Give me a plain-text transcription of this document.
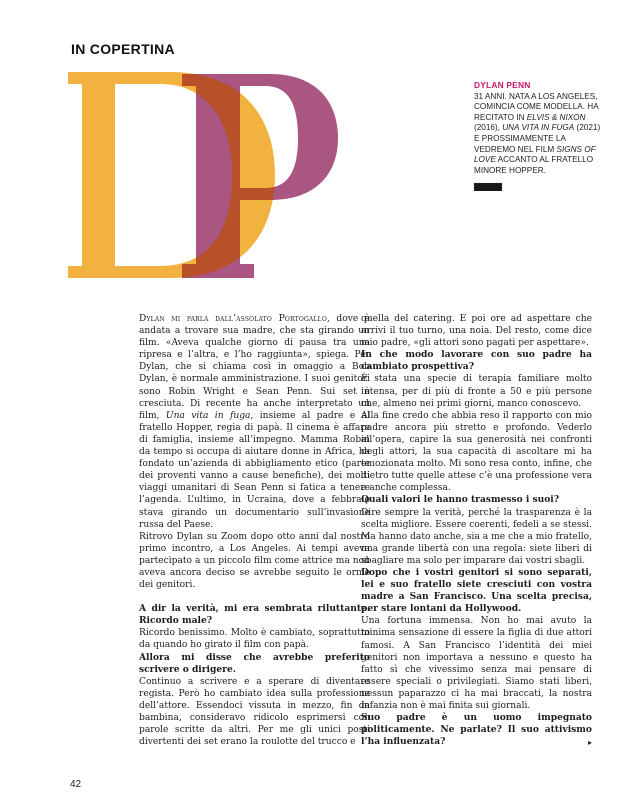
IN COPERTINA
DYLAN PENN

31 ANNI. NATA A LOS ANGELES, COMINCIA COME MODELLA. HA RECITATO IN ELVIS & NIXON (2016), UNA VITA IN FUGA (2021) E PROSSIMAMENTE LA VEDREMO NEL FILM SIGNS OF LOVE ACCANTO AL FRATELLO MINORE HOPPER.

Dylan mi parla dall’assolato Portogallo, dove è andata a trovare sua madre, che sta girando un film. «Aveva qualche giorno di pausa tra una ripresa e l’altra, e l’ho raggiunta», spiega. Per Dylan, che si chiama così in omaggio a Bob Dylan, è normale amministrazione. I suoi genitori sono Robin Wright e Sean Penn. Sui set è cresciuta. Di recente ha anche interpretato un film, Una vita in fuga, insieme al padre e al fratello Hopper, regia di papà. Il cinema è affare di famiglia, insieme all’impegno. Mamma Robin da tempo si occupa di aiutare donne in Africa, ha fondato un’azienda di abbigliamento etico (parte dei proventi vanno a cause benefiche), dei molti viaggi umanitari di Sean Penn si fatica a tenere l’agenda. L’ultimo, in Ucraina, dove a febbraio stava girando un documentario sull’invasione russa del Paese.

Ritrovo Dylan su Zoom dopo otto anni dal nostro primo incontro, a Los Angeles. Ai tempi aveva partecipato a un piccolo film come attrice ma non aveva ancora deciso se avrebbe seguito le orme dei genitori.

A dir la verità, mi era sembrata riluttante. Ricordo male?

Ricordo benissimo. Molto è cambiato, soprattutto da quando ho girato il film con papà.

Allora mi disse che avrebbe preferito scrivere o dirigere.

Continuo a scrivere e a sperare di diventare regista. Però ho cambiato idea sulla professione dell’attore. Essendoci vissuta in mezzo, fin da bambina, consideravo ridicolo esprimersi con parole scritte da altri. Per me gli unici posti divertenti dei set erano la roulotte del trucco e

quella del catering. E poi ore ad aspettare che arrivi il tuo turno, una noia. Del resto, come dice mio padre, «gli attori sono pagati per aspettare».

In che modo lavorare con suo padre ha cambiato prospettiva?

È stata una specie di terapia familiare molto intensa, per di più di fronte a 50 e più persone che, almeno nei primi giorni, manco conoscevo.

Alla fine credo che abbia reso il rapporto con mio padre ancora più stretto e profondo. Vederlo all’opera, capire la sua generosità nei confronti degli attori, la sua capacità di ascoltare mi ha emozionata molto. Mi sono resa conto, infine, che dietro tutte quelle attese c’è una professione vera e anche complessa.

Quali valori le hanno trasmesso i suoi?

Dire sempre la verità, perché la trasparenza è la scelta migliore. Essere coerenti, fedeli a se stessi. Ma hanno dato anche, sia a me che a mio fratello, una grande libertà con una regola: siete liberi di sbagliare ma solo per imparare dai vostri sbagli.

Dopo che i vostri genitori si sono separati, lei e suo fratello siete cresciuti con vostra madre a San Francisco. Una scelta precisa, per stare lontani da Hollywood.

Una fortuna immensa. Non ho mai avuto la minima sensazione di essere la figlia di due attori famosi. A San Francisco l’identità dei miei genitori non importava a nessuno e questo ha fatto sì che vivessimo senza mai pensare di essere speciali o privilegiati. Siamo stati liberi, nessun paparazzo ci ha mai braccati, la nostra infanzia non è mai finita sui giornali.

Suo padre è un uomo impegnato politicamente. Ne parlate? Il suo attivismo l’ha influenzata?	▸

42
